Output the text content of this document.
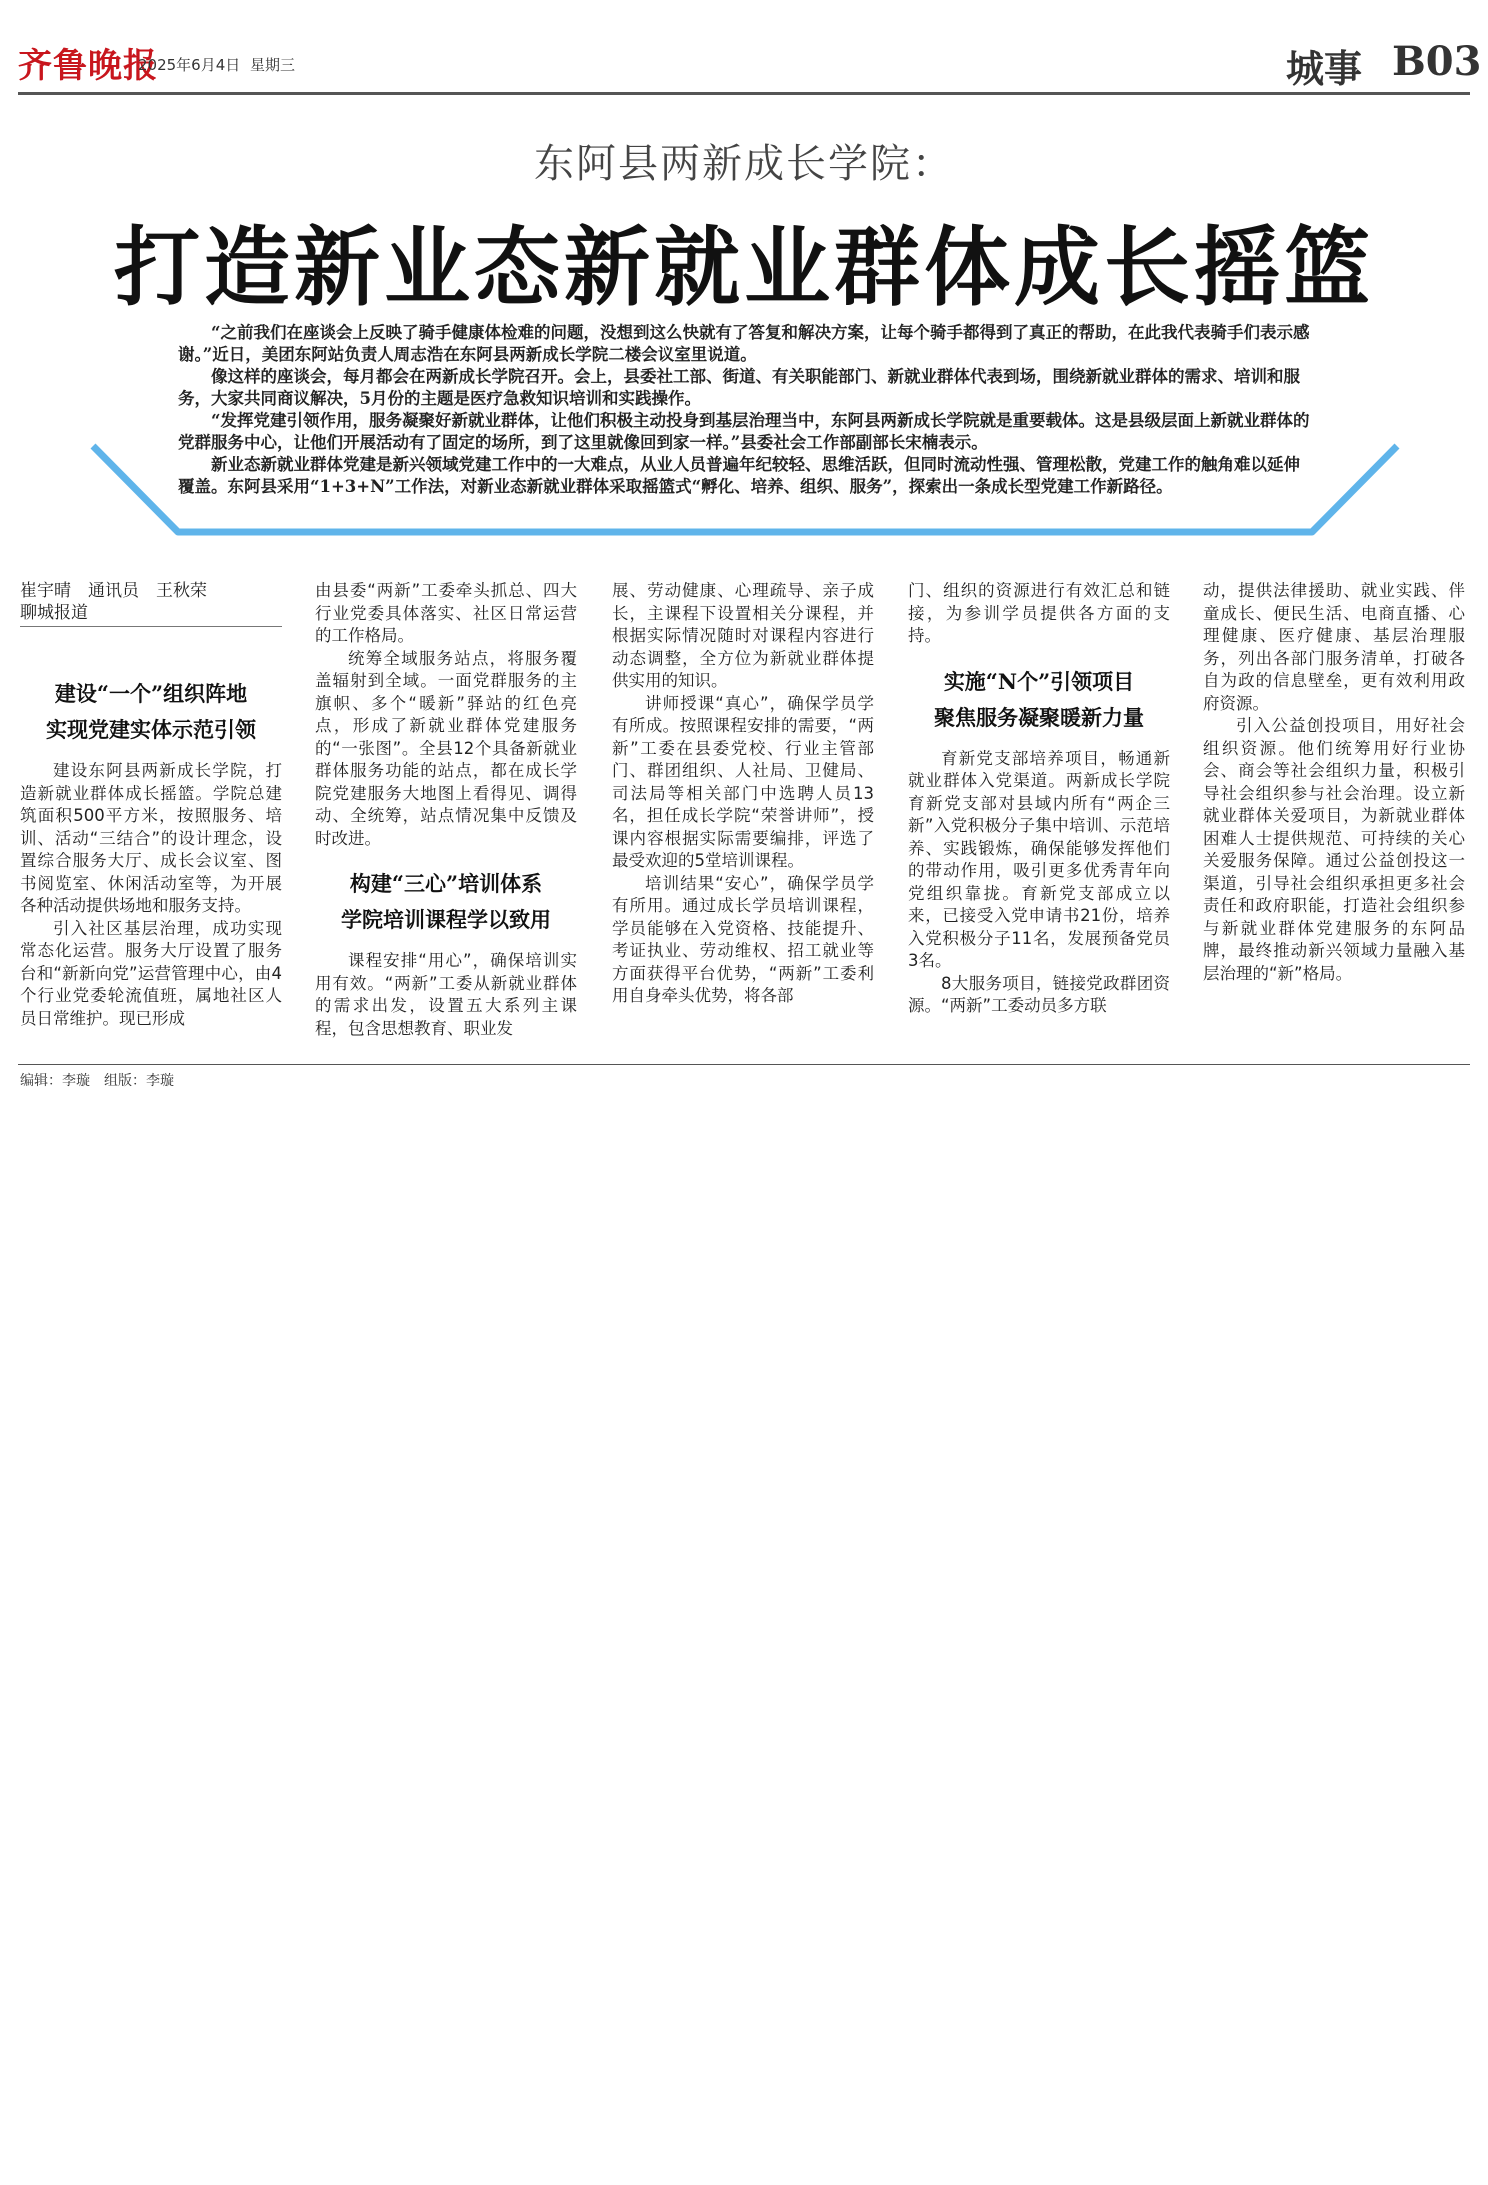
齐鲁晚报
2025年6月4日 星期三	城事 B03
东阿县两新成长学院：
打造新业态新就业群体成长摇篮

“之前我们在座谈会上反映了骑手健康体检难的问题，没想到这么快就有了答复和解决方案，让每个骑手都得到了真正的帮助，在此我代表骑手们表示感谢。”近日，美团东阿站负责人周志浩在东阿县两新成长学院二楼会议室里说道。

像这样的座谈会，每月都会在两新成长学院召开。会上，县委社工部、街道、有关职能部门、新就业群体代表到场，围绕新就业群体的需求、培训和服务，大家共同商议解决，5月份的主题是医疗急救知识培训和实践操作。

“发挥党建引领作用，服务凝聚好新就业群体，让他们积极主动投身到基层治理当中，东阿县两新成长学院就是重要载体。这是县级层面上新就业群体的党群服务中心，让他们开展活动有了固定的场所，到了这里就像回到家一样。”县委社会工作部副部长宋楠表示。

新业态新就业群体党建是新兴领域党建工作中的一大难点，从业人员普遍年纪较轻、思维活跃，但同时流动性强、管理松散，党建工作的触角难以延伸覆盖。东阿县采用“1+3+N”工作法，对新业态新就业群体采取摇篮式“孵化、培养、组织、服务”，探索出一条成长型党建工作新路径。

崔宇晴　通讯员　王秋荣
聊城报道
建设“一个”组织阵地
实现党建实体示范引领

建设东阿县两新成长学院，打造新就业群体成长摇篮。学院总建筑面积500平方米，按照服务、培训、活动“三结合”的设计理念，设置综合服务大厅、成长会议室、图书阅览室、休闲活动室等，为开展各种活动提供场地和服务支持。

引入社区基层治理，成功实现常态化运营。服务大厅设置了服务台和“新新向党”运营管理中心，由4个行业党委轮流值班，属地社区人员日常维护。现已形成

由县委“两新”工委牵头抓总、四大行业党委具体落实、社区日常运营的工作格局。

统筹全域服务站点，将服务覆盖辐射到全域。一面党群服务的主旗帜、多个“暖新”驿站的红色亮点，形成了新就业群体党建服务的“一张图”。全县12个具备新就业群体服务功能的站点，都在成长学院党建服务大地图上看得见、调得动、全统筹，站点情况集中反馈及时改进。

构建“三心”培训体系
学院培训课程学以致用

课程安排“用心”，确保培训实用有效。“两新”工委从新就业群体的需求出发，设置五大系列主课程，包含思想教育、职业发

展、劳动健康、心理疏导、亲子成长，主课程下设置相关分课程，并根据实际情况随时对课程内容进行动态调整，全方位为新就业群体提供实用的知识。

讲师授课“真心”，确保学员学有所成。按照课程安排的需要，“两新”工委在县委党校、行业主管部门、群团组织、人社局、卫健局、司法局等相关部门中选聘人员13名，担任成长学院“荣誉讲师”，授课内容根据实际需要编排，评选了最受欢迎的5堂培训课程。

培训结果“安心”，确保学员学有所用。通过成长学员培训课程，学员能够在入党资格、技能提升、考证执业、劳动维权、招工就业等方面获得平台优势，“两新”工委利用自身牵头优势，将各部

门、组织的资源进行有效汇总和链接，为参训学员提供各方面的支持。

实施“N个”引领项目
聚焦服务凝聚暖新力量

育新党支部培养项目，畅通新就业群体入党渠道。两新成长学院育新党支部对县域内所有“两企三新”入党积极分子集中培训、示范培养、实践锻炼，确保能够发挥他们的带动作用，吸引更多优秀青年向党组织靠拢。育新党支部成立以来，已接受入党申请书21份，培养入党积极分子11名，发展预备党员3名。

8大服务项目，链接党政群团资源。“两新”工委动员多方联

动，提供法律援助、就业实践、伴童成长、便民生活、电商直播、心理健康、医疗健康、基层治理服务，列出各部门服务清单，打破各自为政的信息壁垒，更有效利用政府资源。

引入公益创投项目，用好社会组织资源。他们统筹用好行业协会、商会等社会组织力量，积极引导社会组织参与社会治理。设立新就业群体关爱项目，为新就业群体困难人士提供规范、可持续的关心关爱服务保障。通过公益创投这一渠道，引导社会组织承担更多社会责任和政府职能，打造社会组织参与新就业群体党建服务的东阿品牌，最终推动新兴领域力量融入基层治理的“新”格局。

编辑：李璇　组版：李璇
